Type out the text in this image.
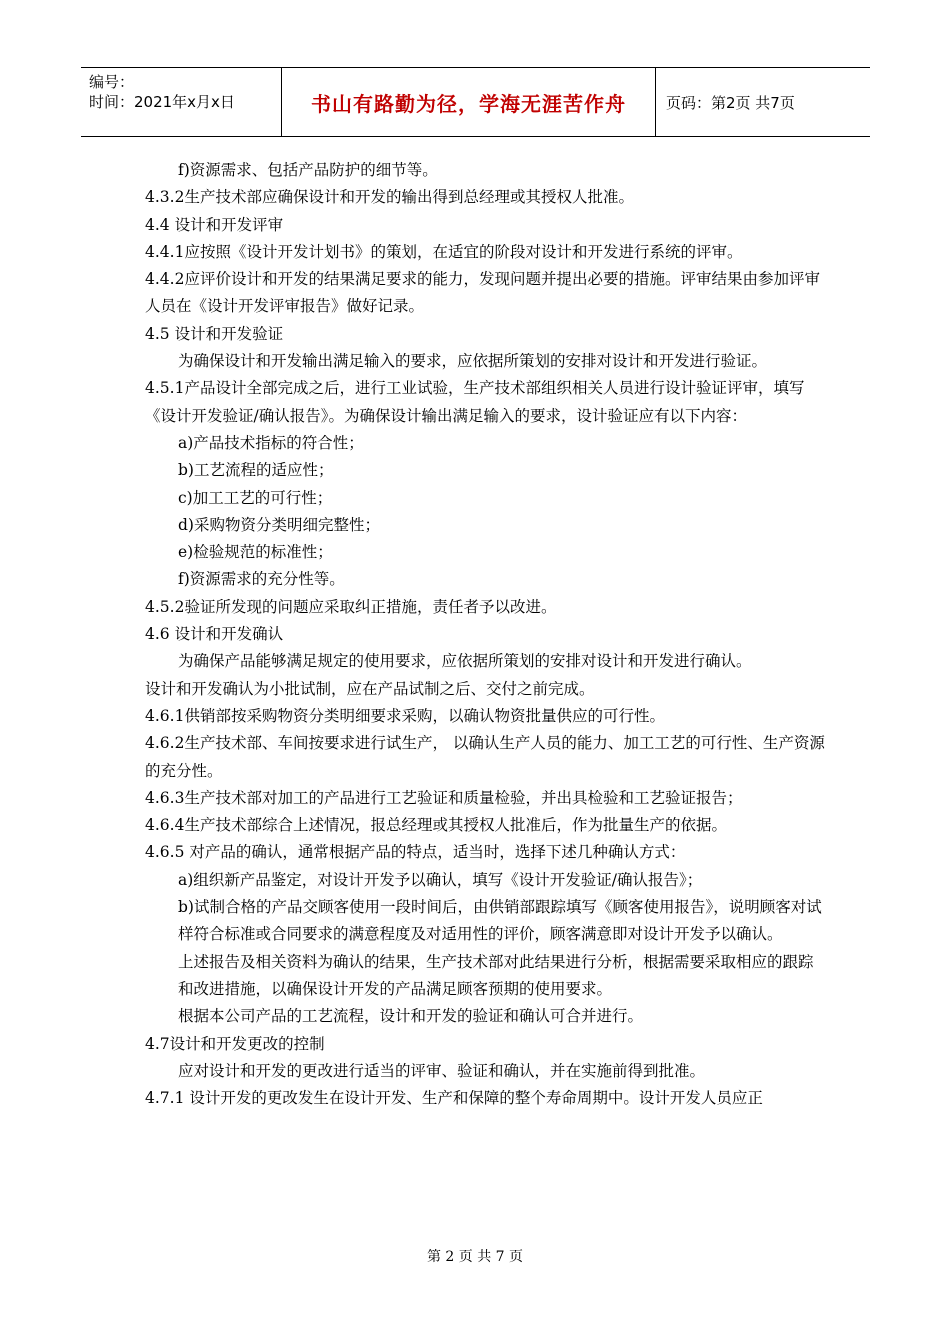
编号：
时间：2021年x月x日	书山有路勤为径，学海无涯苦作舟	页码：第2页 共7页

f)资源需求、包括产品防护的细节等。

4.3.2生产技术部应确保设计和开发的输出得到总经理或其授权人批准。

4.4 设计和开发评审

4.4.1应按照《设计开发计划书》的策划，在适宜的阶段对设计和开发进行系统的评审。

4.4.2应评价设计和开发的结果满足要求的能力，发现问题并提出必要的措施。评审结果由参加评审人员在《设计开发评审报告》做好记录。

4.5 设计和开发验证

为确保设计和开发输出满足输入的要求，应依据所策划的安排对设计和开发进行验证。

4.5.1产品设计全部完成之后，进行工业试验，生产技术部组织相关人员进行设计验证评审，填写《设计开发验证/确认报告》。为确保设计输出满足输入的要求，设计验证应有以下内容：

a)产品技术指标的符合性；

b)工艺流程的适应性；

c)加工工艺的可行性；

d)采购物资分类明细完整性；

e)检验规范的标准性；

f)资源需求的充分性等。

4.5.2验证所发现的问题应采取纠正措施，责任者予以改进。

4.6 设计和开发确认

为确保产品能够满足规定的使用要求，应依据所策划的安排对设计和开发进行确认。

设计和开发确认为小批试制，应在产品试制之后、交付之前完成。

4.6.1供销部按采购物资分类明细要求采购，以确认物资批量供应的可行性。

4.6.2生产技术部、车间按要求进行试生产， 以确认生产人员的能力、加工工艺的可行性、生产资源的充分性。

4.6.3生产技术部对加工的产品进行工艺验证和质量检验，并出具检验和工艺验证报告；

4.6.4生产技术部综合上述情况，报总经理或其授权人批准后，作为批量生产的依据。

4.6.5 对产品的确认，通常根据产品的特点，适当时，选择下述几种确认方式：

a)组织新产品鉴定，对设计开发予以确认，填写《设计开发验证/确认报告》；

b)试制合格的产品交顾客使用一段时间后，由供销部跟踪填写《顾客使用报告》，说明顾客对试样符合标准或合同要求的满意程度及对适用性的评价，顾客满意即对设计开发予以确认。

上述报告及相关资料为确认的结果，生产技术部对此结果进行分析，根据需要采取相应的跟踪和改进措施，以确保设计开发的产品满足顾客预期的使用要求。

根据本公司产品的工艺流程，设计和开发的验证和确认可合并进行。

4.7设计和开发更改的控制

应对设计和开发的更改进行适当的评审、验证和确认，并在实施前得到批准。

4.7.1 设计开发的更改发生在设计开发、生产和保障的整个寿命周期中。设计开发人员应正

第 2 页 共 7 页
